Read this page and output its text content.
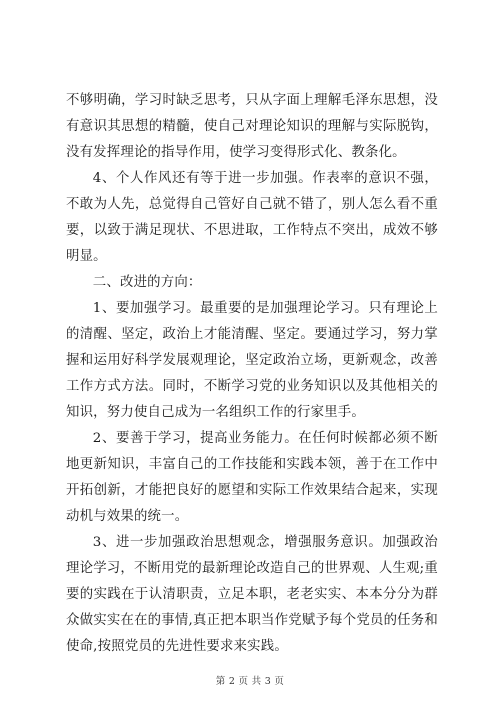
不够明确，学习时缺乏思考，只从字面上理解毛泽东思想，没有意识其思想的精髓，使自己对理论知识的理解与实际脱钩，没有发挥理论的指导作用，使学习变得形式化、教条化。

4、个人作风还有等于进一步加强。作表率的意识不强，不敢为人先，总觉得自己管好自己就不错了，别人怎么看不重要，以致于满足现状、不思进取，工作特点不突出，成效不够明显。

二、改进的方向：

1、要加强学习。最重要的是加强理论学习。只有理论上的清醒、坚定，政治上才能清醒、坚定。要通过学习，努力掌握和运用好科学发展观理论，坚定政治立场，更新观念，改善工作方式方法。同时，不断学习党的业务知识以及其他相关的知识，努力使自己成为一名组织工作的行家里手。

2、要善于学习，提高业务能力。在任何时候都必须不断地更新知识，丰富自己的工作技能和实践本领，善于在工作中开拓创新，才能把良好的愿望和实际工作效果结合起来，实现动机与效果的统一。

3、进一步加强政治思想观念，增强服务意识。加强政治理论学习，不断用党的最新理论改造自己的世界观、人生观;重要的实践在于认清职责，立足本职，老老实实、本本分分为群众做实实在在的事情,真正把本职当作党赋予每个党员的任务和使命,按照党员的先进性要求来实践。

第 2 页 共 3 页
